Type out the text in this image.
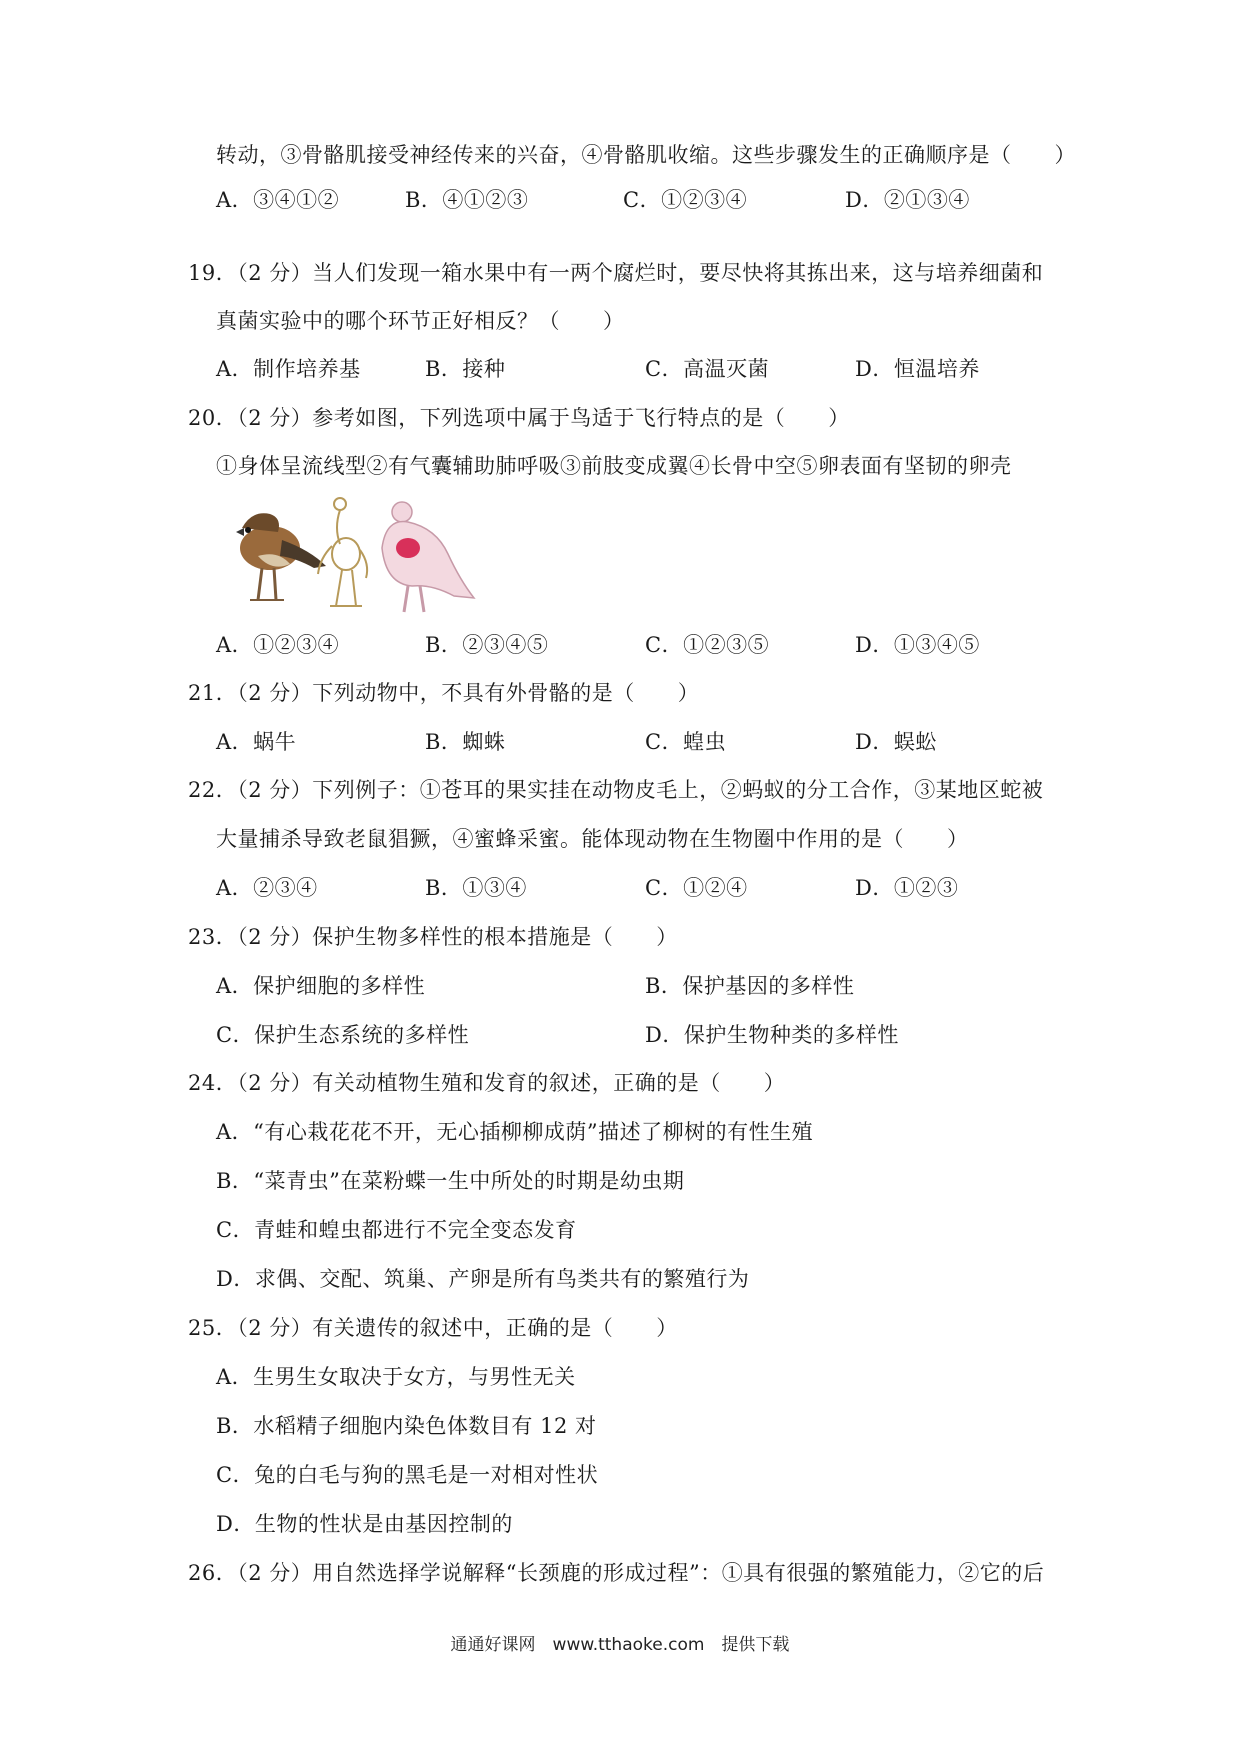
转动，③骨骼肌接受神经传来的兴奋，④骨骼肌收缩。这些步骤发生的正确顺序是（　　）
A．③④①②	B．④①②③	C．①②③④	D．②①③④
19．（2 分）当人们发现一箱水果中有一两个腐烂时，要尽快将其拣出来，这与培养细菌和
真菌实验中的哪个环节正好相反？（　　）
A．制作培养基	B．接种	C．高温灭菌	D．恒温培养
20．（2 分）参考如图，下列选项中属于鸟适于飞行特点的是（　　）
①身体呈流线型②有气囊辅助肺呼吸③前肢变成翼④长骨中空⑤卵表面有坚韧的卵壳
A．①②③④	B．②③④⑤	C．①②③⑤	D．①③④⑤
21．（2 分）下列动物中，不具有外骨骼的是（　　）
A．蜗牛	B．蜘蛛	C．蝗虫	D．蜈蚣
22．（2 分）下列例子：①苍耳的果实挂在动物皮毛上，②蚂蚁的分工合作，③某地区蛇被
大量捕杀导致老鼠猖獗，④蜜蜂采蜜。能体现动物在生物圈中作用的是（　　）
A．②③④	B．①③④	C．①②④	D．①②③
23．（2 分）保护生物多样性的根本措施是（　　）
A．保护细胞的多样性	B．保护基因的多样性
C．保护生态系统的多样性	D．保护生物种类的多样性
24．（2 分）有关动植物生殖和发育的叙述，正确的是（　　）
A．“有心栽花花不开，无心插柳柳成荫”描述了柳树的有性生殖
B．“菜青虫”在菜粉蝶一生中所处的时期是幼虫期
C．青蛙和蝗虫都进行不完全变态发育
D．求偶、交配、筑巢、产卵是所有鸟类共有的繁殖行为
25．（2 分）有关遗传的叙述中，正确的是（　　）
A．生男生女取决于女方，与男性无关
B．水稻精子细胞内染色体数目有 12 对
C．兔的白毛与狗的黑毛是一对相对性状
D．生物的性状是由基因控制的
26．（2 分）用自然选择学说解释“长颈鹿的形成过程”：①具有很强的繁殖能力，②它的后
通通好课网　www.tthaoke.com　提供下载
